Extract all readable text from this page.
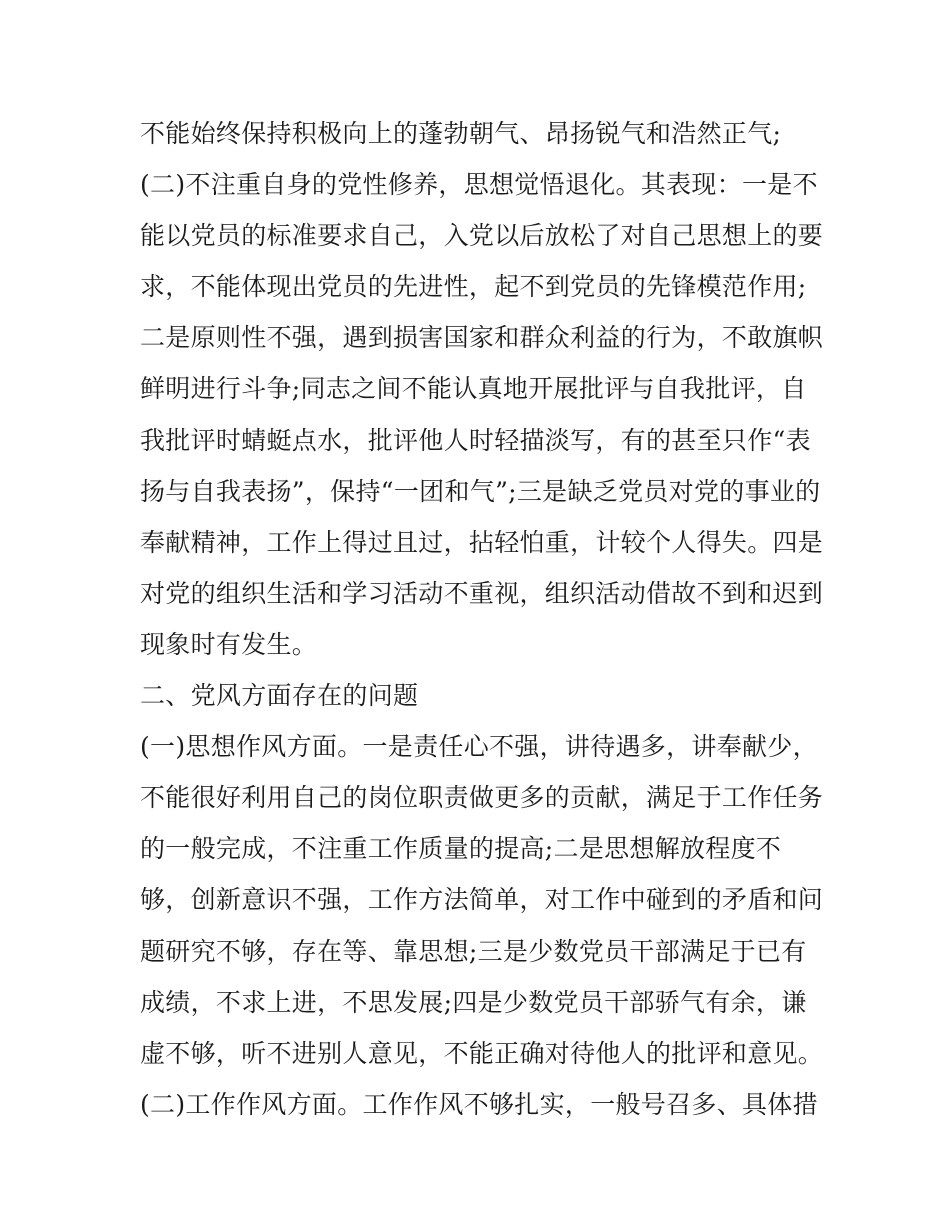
不能始终保持积极向上的蓬勃朝气、昂扬锐气和浩然正气;
(二)不注重自身的党性修养，思想觉悟退化。其表现：一是不
能以党员的标准要求自己，入党以后放松了对自己思想上的要
求，不能体现出党员的先进性，起不到党员的先锋模范作用;
二是原则性不强，遇到损害国家和群众利益的行为，不敢旗帜
鲜明进行斗争;同志之间不能认真地开展批评与自我批评，自
我批评时蜻蜓点水，批评他人时轻描淡写，有的甚至只作“表
扬与自我表扬”，保持“一团和气”;三是缺乏党员对党的事业的
奉献精神，工作上得过且过，拈轻怕重，计较个人得失。四是
对党的组织生活和学习活动不重视，组织活动借故不到和迟到
现象时有发生。
二、党风方面存在的问题
(一)思想作风方面。一是责任心不强，讲待遇多，讲奉献少，
不能很好利用自己的岗位职责做更多的贡献，满足于工作任务
的一般完成，不注重工作质量的提高;二是思想解放程度不
够，创新意识不强，工作方法简单，对工作中碰到的矛盾和问
题研究不够，存在等、靠思想;三是少数党员干部满足于已有
成绩，不求上进，不思发展;四是少数党员干部骄气有余，谦
虚不够，听不进别人意见，不能正确对待他人的批评和意见。
(二)工作作风方面。工作作风不够扎实，一般号召多、具体措
